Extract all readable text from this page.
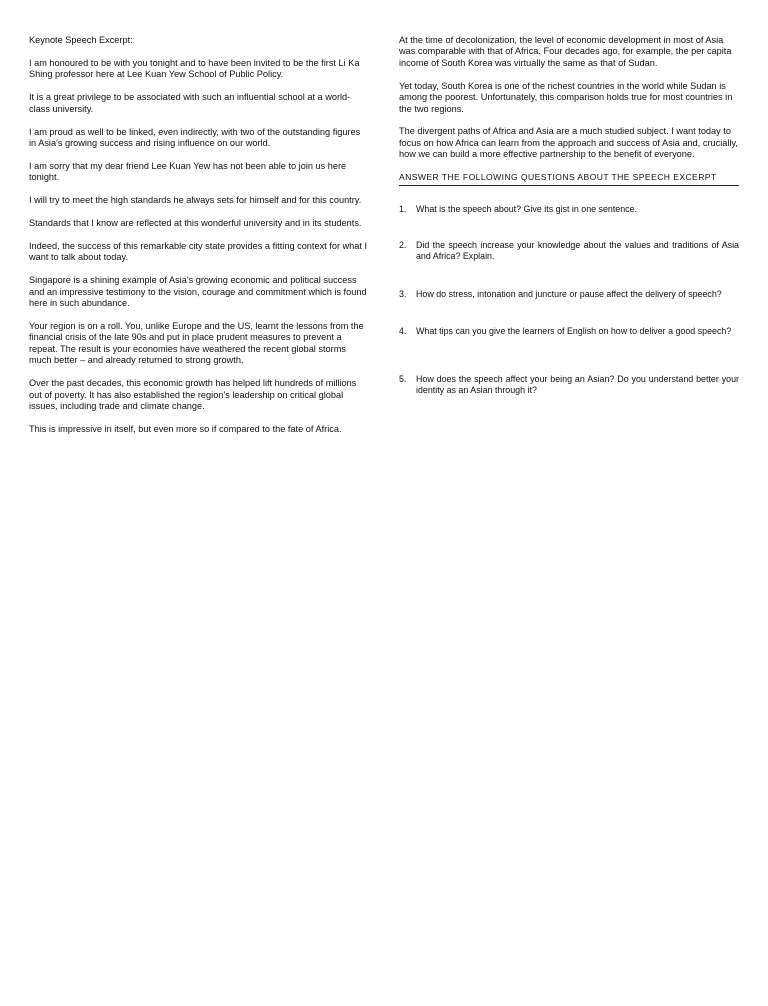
Keynote Speech Excerpt:

I am honoured to be with you tonight and to have been invited to be the first Li Ka Shing professor here at Lee Kuan Yew School of Public Policy.

It is a great privilege to be associated with such an influential school at a world-class university.

I am proud as well to be linked, even indirectly, with two of the outstanding figures in Asia's growing success and rising influence on our world.

I am sorry that my dear friend Lee Kuan Yew has not been able to join us here tonight.

I will try to meet the high standards he always sets for himself and for this country.

Standards that I know are reflected at this wonderful university and in its students.

Indeed, the success of this remarkable city state provides a fitting context for what I want to talk about today.

Singapore is a shining example of Asia's growing economic and political success and an impressive testimony to the vision, courage and commitment which is found here in such abundance.

Your region is on a roll. You, unlike Europe and the US, learnt the lessons from the financial crisis of the late 90s and put in place prudent measures to prevent a repeat. The result is your economies have weathered the recent global storms much better – and already returned to strong growth.

Over the past decades, this economic growth has helped lift hundreds of millions out of poverty. It has also established the region's leadership on critical global issues, including trade and climate change.

This is impressive in itself, but even more so if compared to the fate of Africa.

At the time of decolonization, the level of economic development in most of Asia was comparable with that of Africa. Four decades ago, for example, the per capita income of South Korea was virtually the same as that of Sudan.

Yet today, South Korea is one of the richest countries in the world while Sudan is among the poorest. Unfortunately, this comparison holds true for most countries in the two regions.

The divergent paths of Africa and Asia are a much studied subject. I want today to focus on how Africa can learn from the approach and success of Asia and, crucially, how we can build a more effective partnership to the benefit of everyone.

ANSWER THE FOLLOWING QUESTIONS ABOUT THE SPEECH EXCERPT
1. What is the speech about? Give its gist in one sentence.
2. Did the speech increase your knowledge about the values and traditions of Asia and Africa? Explain.
3. How do stress, intonation and juncture or pause affect the delivery of speech?
4. What tips can you give the learners of English on how to deliver a good speech?
5. How does the speech affect your being an Asian? Do you understand better your identity as an Asian through it?
